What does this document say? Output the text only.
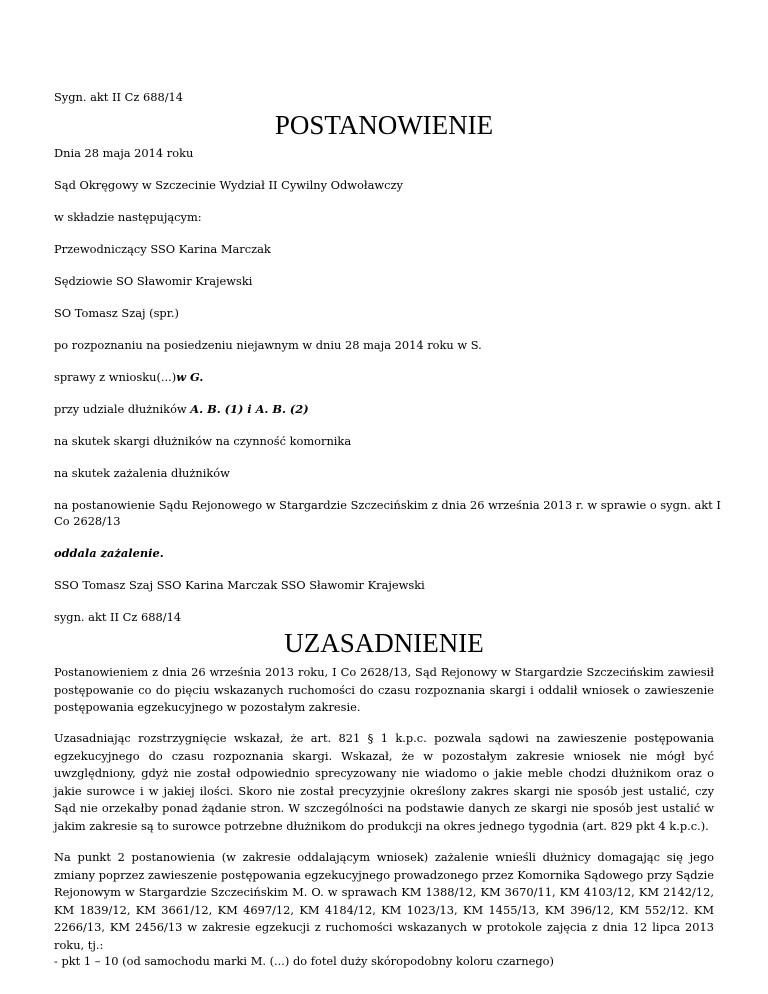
Sygn. akt II Cz 688/14
POSTANOWIENIE
Dnia 28 maja 2014 roku
Sąd Okręgowy w Szczecinie Wydział II Cywilny Odwoławczy
w składzie następującym:
Przewodniczący SSO Karina Marczak
Sędziowie SO Sławomir Krajewski
SO Tomasz Szaj (spr.)
po rozpoznaniu na posiedzeniu niejawnym w dniu 28 maja 2014 roku w S.
sprawy z wniosku(...)w G.
przy udziale dłużników A. B. (1) i A. B. (2)
na skutek skargi dłużników na czynność komornika
na skutek zażalenia dłużników
na postanowienie Sądu Rejonowego w Stargardzie Szczecińskim z dnia 26 września 2013 r. w sprawie o sygn. akt I
Co 2628/13
oddala zażalenie.
SSO Tomasz Szaj SSO Karina Marczak SSO Sławomir Krajewski
sygn. akt II Cz 688/14
UZASADNIENIE
Postanowieniem z dnia 26 września 2013 roku, I Co 2628/13, Sąd Rejonowy w Stargardzie Szczecińskim zawiesił postępowanie co do pięciu wskazanych ruchomości do czasu rozpoznania skargi i oddalił wniosek o zawieszenie postępowania egzekucyjnego w pozostałym zakresie.
Uzasadniając rozstrzygnięcie wskazał, że art. 821 § 1 k.p.c. pozwala sądowi na zawieszenie postępowania egzekucyjnego do czasu rozpoznania skargi. Wskazał, że w pozostałym zakresie wniosek nie mógł być uwzględniony, gdyż nie został odpowiednio sprecyzowany nie wiadomo o jakie meble chodzi dłużnikom oraz o jakie surowce i w jakiej ilości. Skoro nie został precyzyjnie określony zakres skargi nie sposób jest ustalić, czy Sąd nie orzekałby ponad żądanie stron. W szczególności na podstawie danych ze skargi nie sposób jest ustalić w jakim zakresie są to surowce potrzebne dłużnikom do produkcji na okres jednego tygodnia (art. 829 pkt 4 k.p.c.).
Na punkt 2 postanowienia (w zakresie oddalającym wniosek) zażalenie wnieśli dłużnicy domagając się jego zmiany poprzez zawieszenie postępowania egzekucyjnego prowadzonego przez Komornika Sądowego przy Sądzie Rejonowym w Stargardzie Szczecińskim M. O. w sprawach KM 1388/12, KM 3670/11, KM 4103/12, KM 2142/12, KM 1839/12, KM 3661/12, KM 4697/12, KM 4184/12, KM 1023/13, KM 1455/13, KM 396/12, KM 552/12. KM 2266/13, KM 2456/13 w zakresie egzekucji z ruchomości wskazanych w protokole zajęcia z dnia 12 lipca 2013 roku, tj.:
- pkt 1 – 10 (od samochodu marki M. (...) do fotel duży skóropodobny koloru czarnego)
